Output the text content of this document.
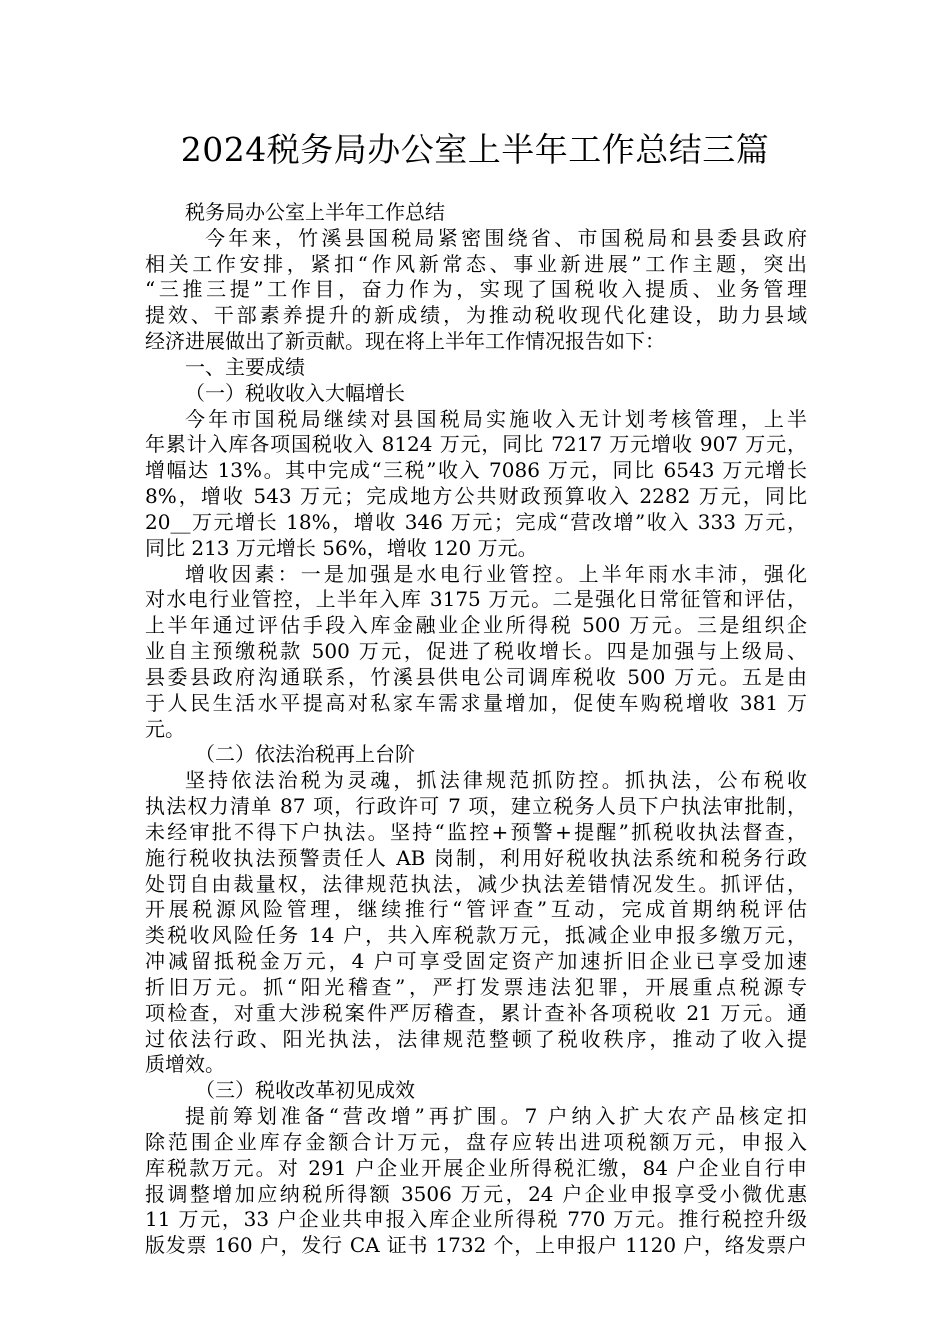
2024税务局办公室上半年工作总结三篇
税务局办公室上半年工作总结
今年来，竹溪县国税局紧密围绕省、市国税局和县委县政府
相关工作安排，紧扣“作风新常态、事业新进展”工作主题，突出
“三推三提”工作目，奋力作为，实现了国税收入提质、业务管理
提效、干部素养提升的新成绩，为推动税收现代化建设，助力县域
经济进展做出了新贡献。现在将上半年工作情况报告如下：
一、主要成绩
（一）税收收入大幅增长
今年市国税局继续对县国税局实施收入无计划考核管理，上半
年累计入库各项国税收入 8124 万元，同比 7217 万元增收 907 万元，
增幅达 13%。其中完成“三税”收入 7086 万元，同比 6543 万元增长
8%，增收 543 万元；完成地方公共财政预算收入 2282 万元，同比
20__万元增长 18%，增收 346 万元；完成“营改增”收入 333 万元，
同比 213 万元增长 56%，增收 120 万元。
增收因素：一是加强是水电行业管控。上半年雨水丰沛，强化
对水电行业管控，上半年入库 3175 万元。二是强化日常征管和评估，
上半年通过评估手段入库金融业企业所得税 500 万元。三是组织企
业自主预缴税款 500 万元，促进了税收增长。四是加强与上级局、
县委县政府沟通联系，竹溪县供电公司调库税收 500 万元。五是由
于人民生活水平提高对私家车需求量增加，促使车购税增收 381 万
元。
（二）依法治税再上台阶
坚持依法治税为灵魂，抓法律规范抓防控。抓执法，公布税收
执法权力清单 87 项，行政许可 7 项，建立税务人员下户执法审批制，
未经审批不得下户执法。坚持“监控+预警+提醒”抓税收执法督查，
施行税收执法预警责任人 AB 岗制，利用好税收执法系统和税务行政
处罚自由裁量权，法律规范执法，减少执法差错情况发生。抓评估，
开展税源风险管理，继续推行“管评查”互动，完成首期纳税评估
类税收风险任务 14 户，共入库税款万元，抵减企业申报多缴万元，
冲减留抵税金万元，4 户可享受固定资产加速折旧企业已享受加速
折旧万元。抓“阳光稽查”，严打发票违法犯罪，开展重点税源专
项检查，对重大涉税案件严厉稽查，累计查补各项税收 21 万元。通
过依法行政、阳光执法，法律规范整顿了税收秩序，推动了收入提
质增效。
（三）税收改革初见成效
提前筹划准备“营改增”再扩围。7 户纳入扩大农产品核定扣
除范围企业库存金额合计万元，盘存应转出进项税额万元，申报入
库税款万元。对 291 户企业开展企业所得税汇缴，84 户企业自行申
报调整增加应纳税所得额 3506 万元，24 户企业申报享受小微优惠
11 万元，33 户企业共申报入库企业所得税 770 万元。推行税控升级
版发票 160 户，发行 CA 证书 1732 个，上申报户 1120 户，络发票户
